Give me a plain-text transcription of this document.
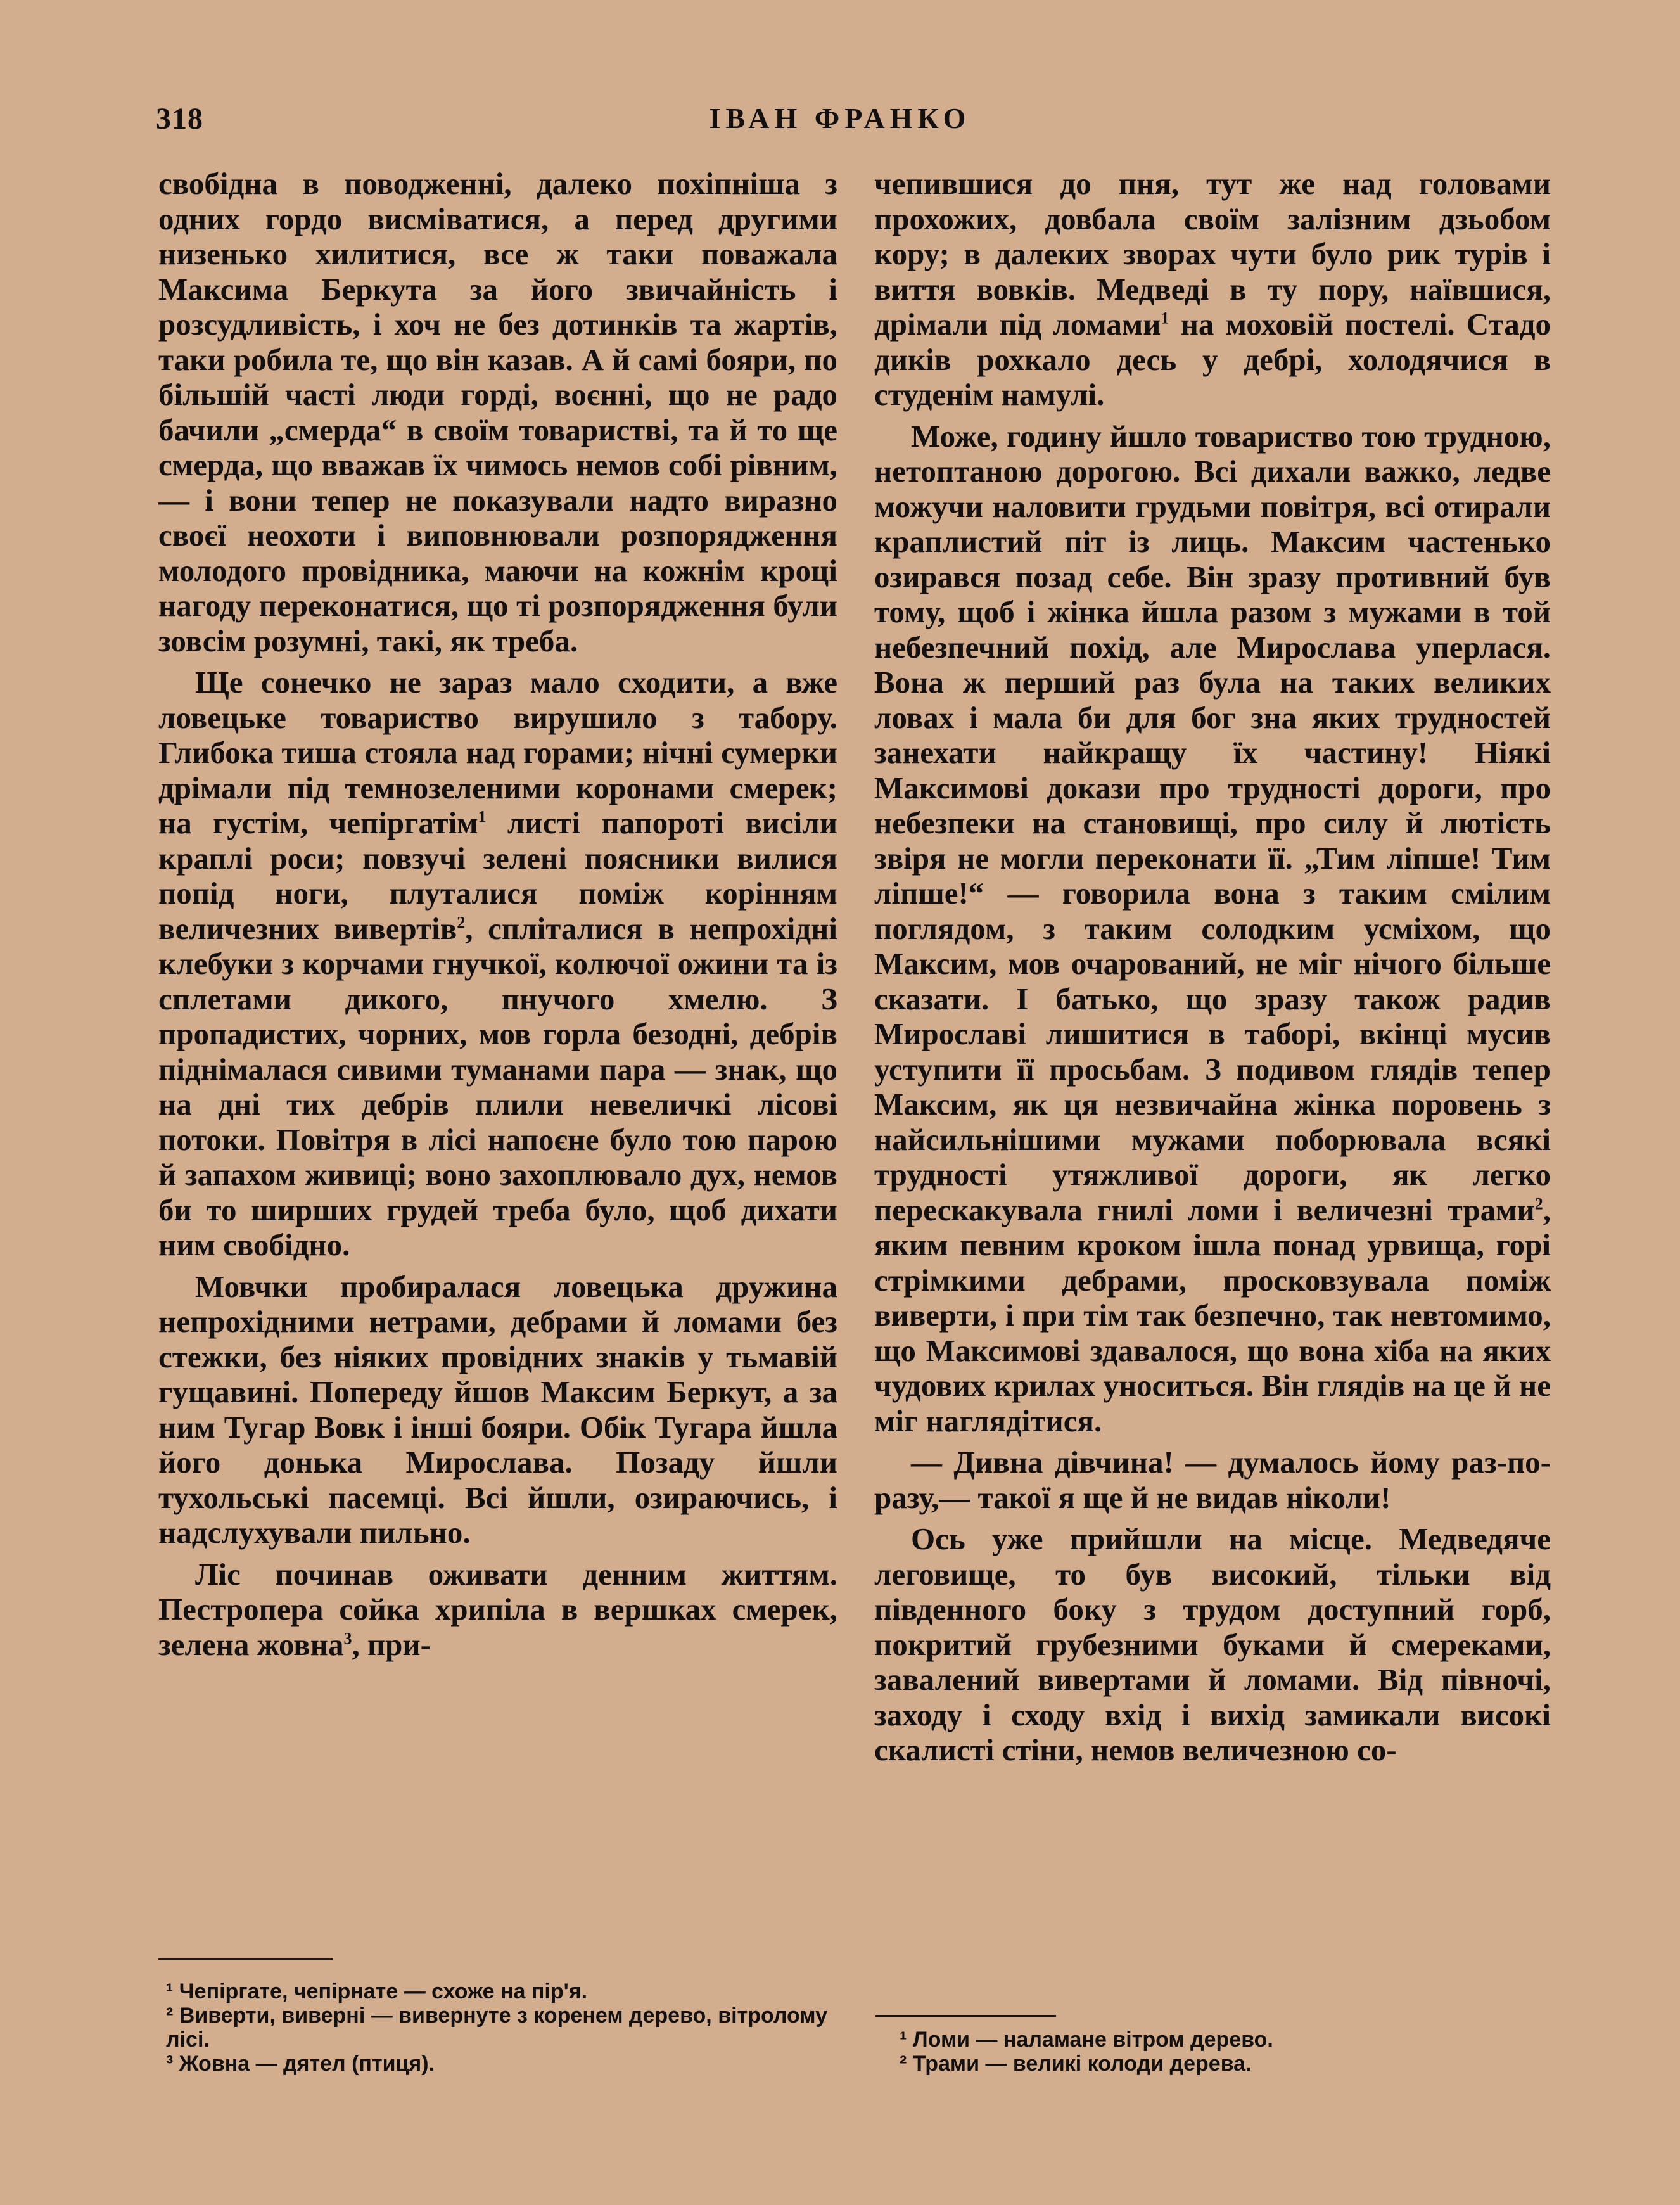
318	ІВАН ФРАНКО

свобідна в поводженні, далеко похіпніша з одних гордо висміватися, а перед другими низенько хилитися, все ж таки поважала Максима Беркута за його звичайність і розсудливість, і хоч не без дотинків та жартів, таки робила те, що він казав. А й самі бояри, по більшій часті люди горді, воєнні, що не радо бачили „смерда“ в своїм товаристві, та й то ще смерда, що вважав їх чимось немов собі рівним,— і вони тепер не показували надто виразно своєї неохоти і виповнювали розпорядження молодого провідника, маючи на кожнім кроці нагоду переконатися, що ті розпорядження були зовсім розумні, такі, як треба.

Ще сонечко не зараз мало сходити, а вже ловецьке товариство вирушило з табору. Глибока тиша стояла над горами; нічні сумерки дрімали під темнозеленими коронами смерек; на густім, чепіргатім$^1$ листі папороті висіли краплі роси; повзучі зелені поясники вилися попід ноги, плуталися поміж корінням величезних вивертів$^2$, сплiталися в непрохідні клебуки з корчами гнучкої, колючої ожини та із сплетами дикого, пнучого хмелю. З пропадистих, чорних, мов горла безодні, дебрів піднімалася сивими туманами пара — знак, що на дні тих дебрів плили невеличкі лісові потоки. Повітря в лісі напоєне було тою парою й запахом живиці; воно захоплювало дух, немов би то ширших грудей треба було, щоб дихати ним свобідно.

Мовчки пробиралася ловецька дружина непрохідними нетрами, дебрами й ломами без стежки, без ніяких провідних знаків у тьмавій гущавині. Попереду йшов Максим Беркут, а за ним Тугар Вовк і інші бояри. Обік Тугара йшла його донька Мирослава. Позаду йшли тухольські пасемці. Всі йшли, озираючись, і надслухували пильно.

Ліс починав оживати денним життям. Пестропера сойка хрипіла в вершках смерек, зелена жовна$^3$, при-

¹ Чепіргате, чепірнате — схоже на пір'я.

² Виверти, виверні — вивернуте з коренем дерево, вітролому лісі.

³ Жовна — дятел (птиця).

чепившися до пня, тут же над головами прохожих, довбала своїм залізним дзьобом кору; в далеких зворах чути було рик турів і виття вовків. Медведі в ту пору, наївшися, дрімали під ломами$^1$ на моховій постелі. Стадо диків рохкало десь у дебрі, холодячися в студенім намулі.

Може, годину йшло товариство тою трудною, нетоптаною дорогою. Всі дихали важко, ледве можучи наловити грудьми повітря, всі отирали краплистий піт із лиць. Максим частенько озирався позад себе. Він зразу противний був тому, щоб і жінка йшла разом з мужами в той небезпечний похід, але Мирослава уперлася. Вона ж перший раз була на таких великих ловах і мала би для бог зна яких трудностей занехати найкращу їх частину! Ніякі Максимові докази про трудності дороги, про небезпеки на становищі, про силу й лютість звіря не могли переконати її. „Тим ліпше! Тим ліпше!“ — говорила вона з таким смілим поглядом, з таким солодким усміхом, що Максим, мов очарований, не міг нічого більше сказати. І батько, що зразу також радив Мирославі лишитися в таборі, вкінці мусив уступити її просьбам. З подивом глядів тепер Максим, як ця незвичайна жінка поровень з найсильнішими мужами поборювала всякі трудності утяжливої дороги, як легко перескакувала гнилі ломи і величезні трами$^2$, яким певним кроком ішла понад урвища, горі стрімкими дебрами, просковзувала поміж виверти, і при тім так безпечно, так невтомимо, що Максимові здавалося, що вона хіба на яких чудових крилах уноситься. Він глядів на це й не міг наглядітися.

— Дивна дівчина! — думалось йому раз-по-разу,— такої я ще й не видав ніколи!

Ось уже прийшли на місце. Медведяче леговище, то був високий, тільки від південного боку з трудом доступний горб, покритий грубезними буками й смереками, завалений вивертами й ломами. Від півночі, заходу і сходу вхід і вихід замикали високі скалисті стіни, немов величезною со-

¹ Ломи — наламане вітром дерево.

² Трами — великі колоди дерева.
